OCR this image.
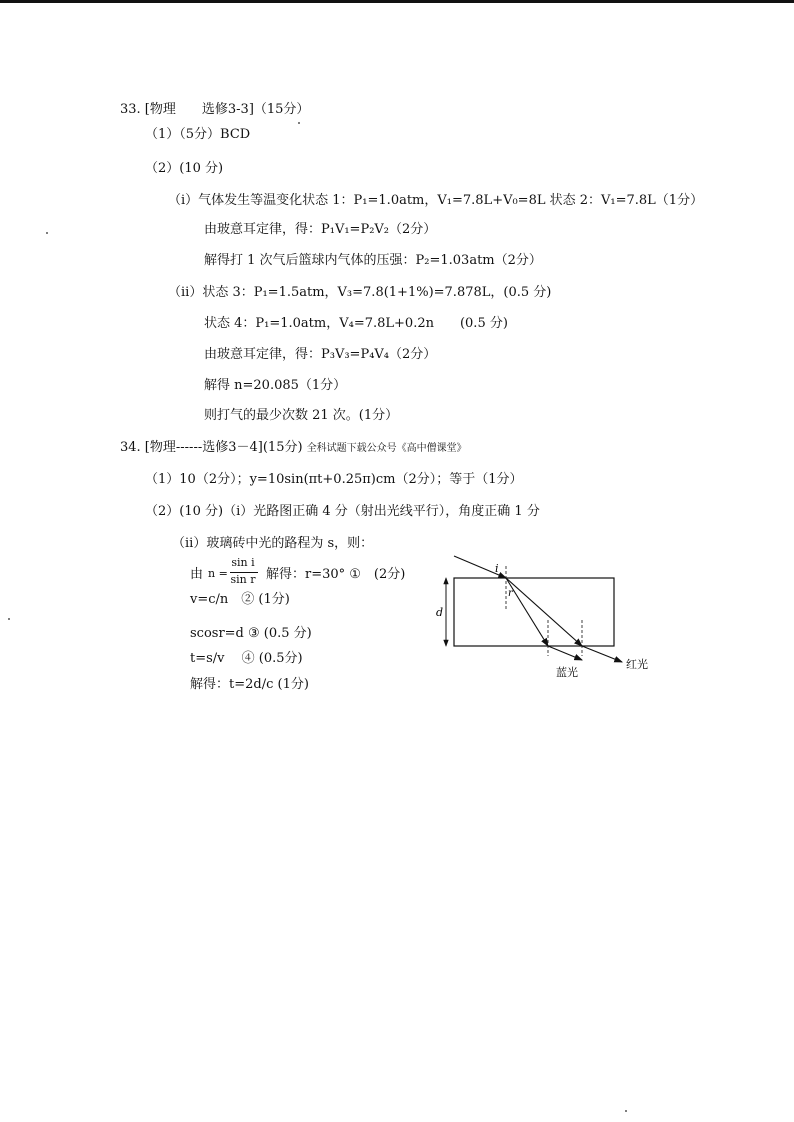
33. [物理　　选修3-3]（15分）
（1）（5分）BCD
（2）(10 分)
（i）气体发生等温变化状态 1：P₁=1.0atm，V₁=7.8L+V₀=8L 状态 2：V₁=7.8L（1分）
由玻意耳定律，得：P₁V₁=P₂V₂（2分）
解得打 1 次气后篮球内气体的压强：P₂=1.03atm（2分）
（ii）状态 3：P₁=1.5atm，V₃=7.8(1+1%)=7.878L，(0.5 分)
状态 4：P₁=1.0atm，V₄=7.8L+0.2n　　(0.5 分)
由玻意耳定律，得：P₃V₃=P₄V₄（2分）
解得 n=20.085（1分）
则打气的最少次数 21 次。(1分）
34. [物理------选修3－4](15分) 全科试题下载公众号《高中僧课堂》
（1）10（2分）；y=10sin(πt+0.25π)cm（2分）；等于（1分）
（2）(10 分)（ⅰ）光路图正确 4 分（射出光线平行），角度正确 1 分
（ii）玻璃砖中光的路程为 s，则：
由 n =
sin i
sin r 解得：r=30° ①　(2分)
v=c/n　② (1分)
scosr=d ③ (0.5 分)
t=s/v　 ④ (0.5分)
解得：t=2d/c (1分)
i
r
d
蓝光
红光
